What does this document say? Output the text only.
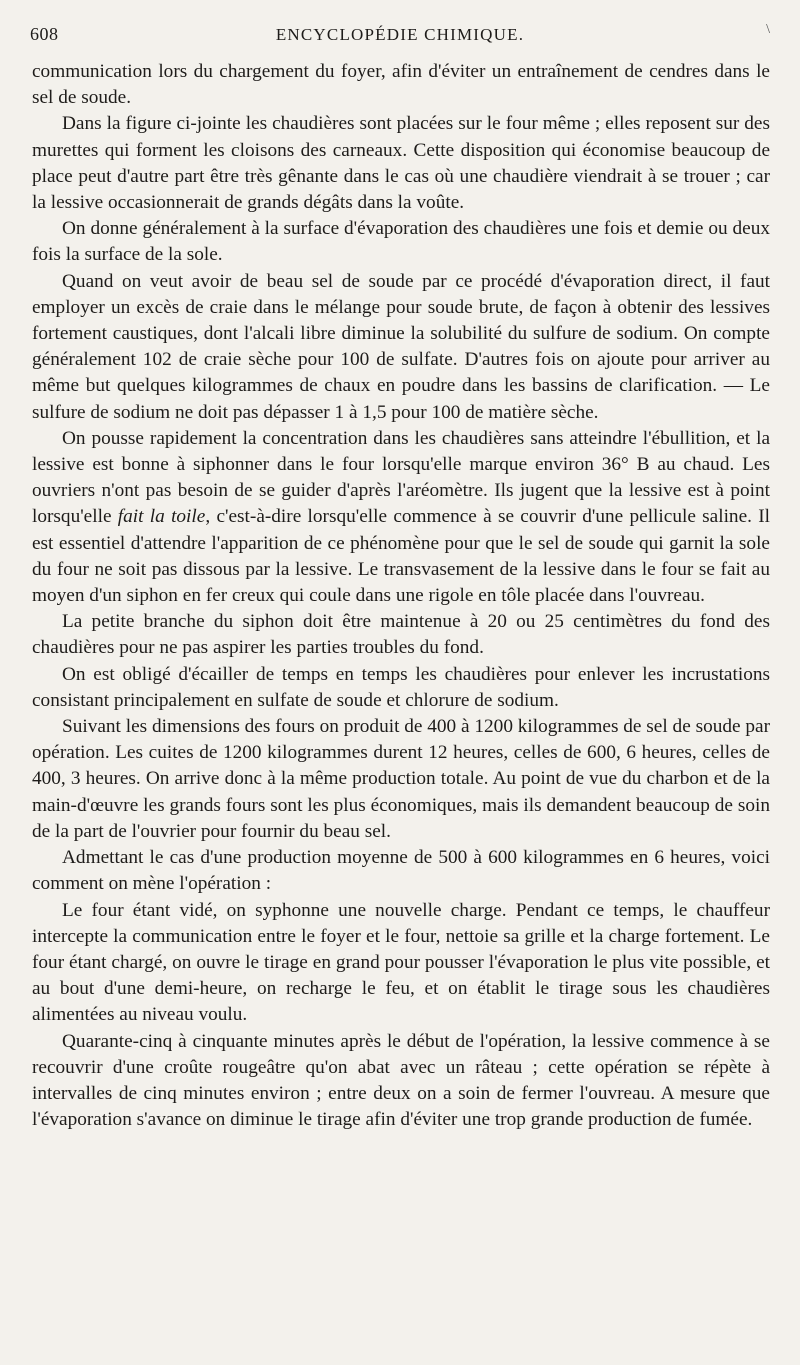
608	ENCYCLOPÉDIE CHIMIQUE.	\

communication lors du chargement du foyer, afin d'éviter un entraînement de cendres dans le sel de soude.

Dans la figure ci-jointe les chaudières sont placées sur le four même ; elles reposent sur des murettes qui forment les cloisons des carneaux. Cette disposition qui économise beaucoup de place peut d'autre part être très gênante dans le cas où une chaudière viendrait à se trouer ; car la lessive occasionnerait de grands dégâts dans la voûte.

On donne généralement à la surface d'évaporation des chaudières une fois et demie ou deux fois la surface de la sole.

Quand on veut avoir de beau sel de soude par ce procédé d'évaporation direct, il faut employer un excès de craie dans le mélange pour soude brute, de façon à obtenir des lessives fortement caustiques, dont l'alcali libre diminue la solubilité du sulfure de sodium. On compte généralement 102 de craie sèche pour 100 de sulfate. D'autres fois on ajoute pour arriver au même but quelques kilogrammes de chaux en poudre dans les bassins de clarification. — Le sulfure de sodium ne doit pas dépasser 1 à 1,5 pour 100 de matière sèche.

On pousse rapidement la concentration dans les chaudières sans atteindre l'ébullition, et la lessive est bonne à siphonner dans le four lorsqu'elle marque environ 36° B au chaud. Les ouvriers n'ont pas besoin de se guider d'après l'aréomètre. Ils jugent que la lessive est à point lorsqu'elle fait la toile, c'est-à-dire lorsqu'elle commence à se couvrir d'une pellicule saline. Il est essentiel d'attendre l'apparition de ce phénomène pour que le sel de soude qui garnit la sole du four ne soit pas dissous par la lessive. Le transvasement de la lessive dans le four se fait au moyen d'un siphon en fer creux qui coule dans une rigole en tôle placée dans l'ouvreau.

La petite branche du siphon doit être maintenue à 20 ou 25 centimètres du fond des chaudières pour ne pas aspirer les parties troubles du fond.

On est obligé d'écailler de temps en temps les chaudières pour enlever les incrustations consistant principalement en sulfate de soude et chlorure de sodium.

Suivant les dimensions des fours on produit de 400 à 1200 kilogrammes de sel de soude par opération. Les cuites de 1200 kilogrammes durent 12 heures, celles de 600, 6 heures, celles de 400, 3 heures. On arrive donc à la même production totale. Au point de vue du charbon et de la main-d'œuvre les grands fours sont les plus économiques, mais ils demandent beaucoup de soin de la part de l'ouvrier pour fournir du beau sel.

Admettant le cas d'une production moyenne de 500 à 600 kilogrammes en 6 heures, voici comment on mène l'opération :

Le four étant vidé, on syphonne une nouvelle charge. Pendant ce temps, le chauffeur intercepte la communication entre le foyer et le four, nettoie sa grille et la charge fortement. Le four étant chargé, on ouvre le tirage en grand pour pousser l'évaporation le plus vite possible, et au bout d'une demi-heure, on recharge le feu, et on établit le tirage sous les chaudières alimentées au niveau voulu.

Quarante-cinq à cinquante minutes après le début de l'opération, la lessive commence à se recouvrir d'une croûte rougeâtre qu'on abat avec un râteau ; cette opération se répète à intervalles de cinq minutes environ ; entre deux on a soin de fermer l'ouvreau. A mesure que l'évaporation s'avance on diminue le tirage afin d'éviter une trop grande production de fumée.
